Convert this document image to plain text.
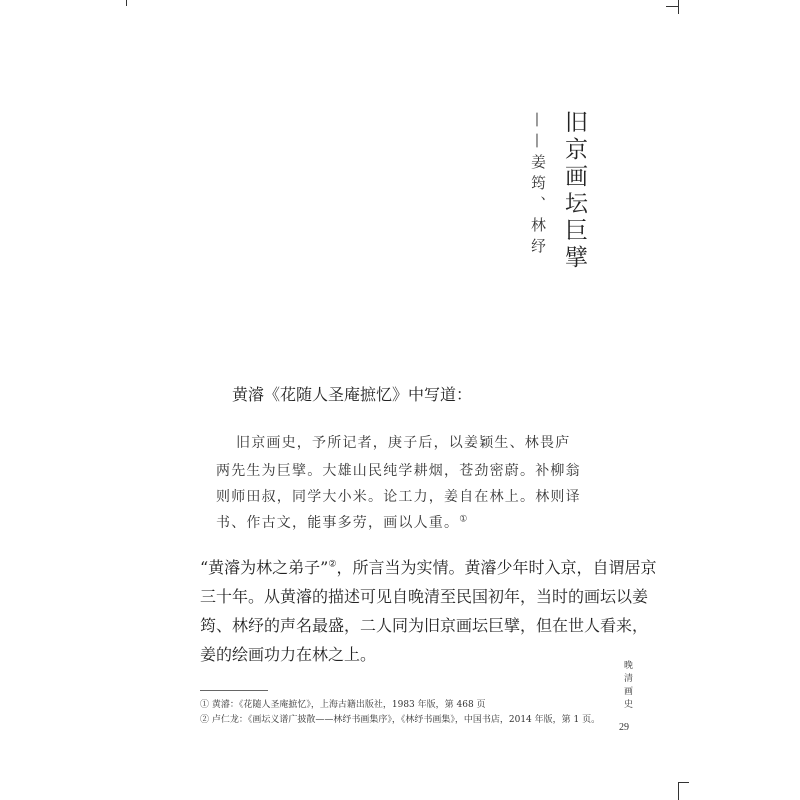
旧京画坛巨擘
——姜筠、林纾
黄濬《花随人圣庵摭忆》中写道：
旧京画史，予所记者，庚子后，以姜颖生、林畏庐
两先生为巨擘。大雄山民纯学耕烟，苍劲密蔚。补柳翁
则师田叔，同学大小米。论工力，姜自在林上。林则译
书、作古文，能事多劳，画以人重。①
“黄濬为林之弟子”②，所言当为实情。黄濬少年时入京，自谓居京
三十年。从黄濬的描述可见自晚清至民国初年，当时的画坛以姜
筠、林纾的声名最盛，二人同为旧京画坛巨擘，但在世人看来，
姜的绘画功力在林之上。
① 黄濬：《花随人圣庵摭忆》，上海古籍出版社，1983 年版，第 468 页
② 卢仁龙：《画坛义谱广披散——林纾书画集序》，《林纾书画集》，中国书店，2014 年版，第 1 页。
晚清画史
29
